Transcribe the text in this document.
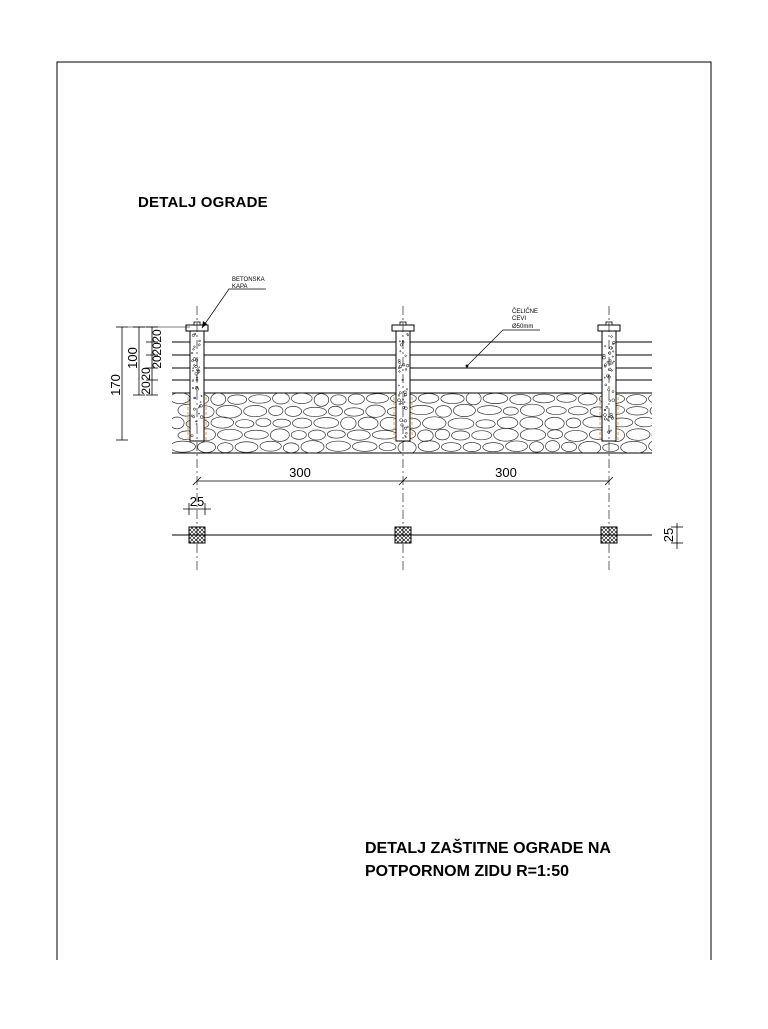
170
100
20
20
20
20
20
300	300
25
25
BETONSKA
KAPA
ČELIČNE
CEVI
Ø50mm
DETALJ OGRADE
DETALJ ZAŠTITNE OGRADE NA
POTPORNOM ZIDU R=1:50
